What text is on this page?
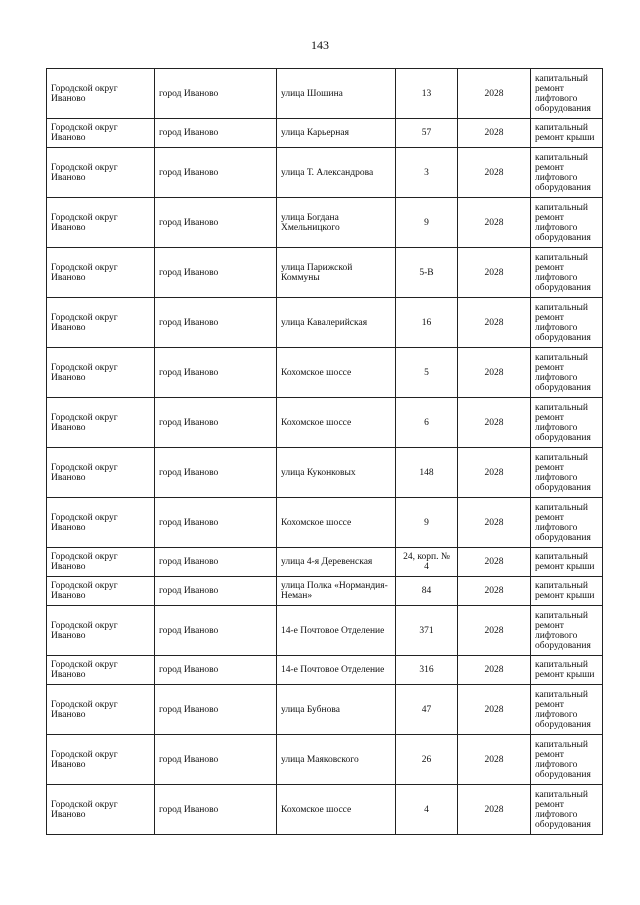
143
Городской округ Иваново	город Иваново	улица Шошина	13	2028	капитальный ремонт лифтового оборудования
Городской округ Иваново	город Иваново	улица Карьерная	57	2028	капитальный ремонт крыши
Городской округ Иваново	город Иваново	улица Т. Александрова	3	2028	капитальный ремонт лифтового оборудования
Городской округ Иваново	город Иваново	улица Богдана Хмельницкого	9	2028	капитальный ремонт лифтового оборудования
Городской округ Иваново	город Иваново	улица Парижской Коммуны	5-В	2028	капитальный ремонт лифтового оборудования
Городской округ Иваново	город Иваново	улица Кавалерийская	16	2028	капитальный ремонт лифтового оборудования
Городской округ Иваново	город Иваново	Кохомское шоссе	5	2028	капитальный ремонт лифтового оборудования
Городской округ Иваново	город Иваново	Кохомское шоссе	6	2028	капитальный ремонт лифтового оборудования
Городской округ Иваново	город Иваново	улица Куконковых	148	2028	капитальный ремонт лифтового оборудования
Городской округ Иваново	город Иваново	Кохомское шоссе	9	2028	капитальный ремонт лифтового оборудования
Городской округ Иваново	город Иваново	улица 4-я Деревенская	24, корп. № 4	2028	капитальный ремонт крыши
Городской округ Иваново	город Иваново	улица Полка «Нормандия-Неман»	84	2028	капитальный ремонт крыши
Городской округ Иваново	город Иваново	14-е Почтовое Отделение	371	2028	капитальный ремонт лифтового оборудования
Городской округ Иваново	город Иваново	14-е Почтовое Отделение	316	2028	капитальный ремонт крыши
Городской округ Иваново	город Иваново	улица Бубнова	47	2028	капитальный ремонт лифтового оборудования
Городской округ Иваново	город Иваново	улица Маяковского	26	2028	капитальный ремонт лифтового оборудования
Городской округ Иваново	город Иваново	Кохомское шоссе	4	2028	капитальный ремонт лифтового оборудования
